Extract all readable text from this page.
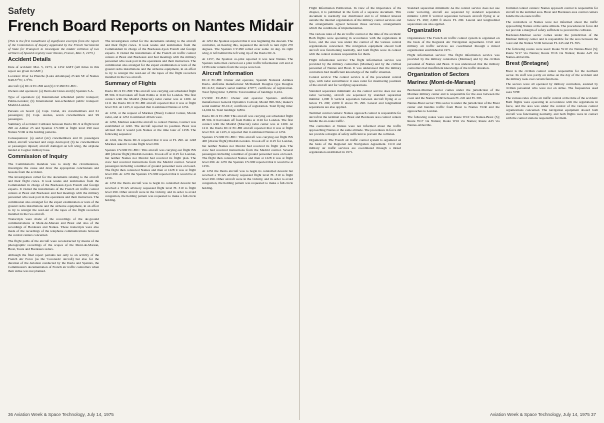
Safety
French Board Reports on Nantes Midair

(This is the first installment of significant excerpts from the report of the Commission of Inquiry appointed by the French Secretariat of State for Transport to investigate the midair collision of two airliners of Spanish registry near Nantes, France, Mar. 5, 1973.)

Accident Details

Date of accident: Mar. 5, 1973, at 1252 GMT (All times in this report are given in GMT.)

Location: Over La Planche (Loire Atlantique) 25 km SE of Nantes N48.37°N; 1.3°W.

Aircraft: (a) DC-9 EC-BII and (b) CV-990 EC-BJC.

Owners and operators: (a) Iberia Air Lines and (b) Spantax S.A.

Type of operation: (a) International scheduled public transport; Palma-London; (b) International non-scheduled public transport: Madrid-London.

Persons on board: (a) Capt. Cubel, six crewmembers and 61 passengers; (b) Capt. Arenas, seven crewmembers and 99 passengers.

Summary of accident: Collision between Iberia DC-9 at flight level 290 on Amber 25 and Spantax CV-990 at flight level 290 near Nantes VOR at the holding patterns.

Consequences: (a) aerial (sic) crewmembers and 61 passengers killed, aircraft wrecked and cargo destroyed; (b) no crewmembers or passengers injured; aircraft damaged on left wing, the airplane landed at Cognac military base.

Commission of Inquiry

The Commission's mandate was to study the circumstances, investigate the cause and draw the appropriate conclusions and lessons from the accident.

The investigation called for the documents relating to the aircraft and their flight crews. It took weeks and testimonies from the Commandant in charge of the Bordeaux-Lyon French and foreign experts. It visited the installations of the French air traffic control centers at Brest and Bordeaux and had meetings with the military personnel who took part in the operations and their instructors. The commission also arranged for the expert examination or tests of the ground radio installations and the airborne equipment, in an effort to try to retarget the read-out of the tapes of the flight recorders installed in the two aircraft.

Transcripts were made of the recordings of the air-ground communications at Mont-de-Marsan and Brest and also of the recordings of Bordeaux and Nantes. These transcripts were also made of the recordings of the telephone communications between the control centers concerned.

The flight paths of the aircraft were reconstructed by means of the photographic recordings of the scopes of the Mont-de-Marsan, Brest, Tours and Bordeaux radars.

Although the final report pertains not only to an activity of the French Air Force (as the 'Coronado' aircraft) but also for the duration of the Aviation conducted by the Iberia and Spantax, the Commission's documentation of French air traffic controllers when their strike was not planned.

The investigation called for the documents relating to the aircraft and their flight crews. It took weeks and testimonies from the Commandant in charge of the Bordeaux-Lyon French and foreign experts. It visited the installations of the French air traffic control centers at Brest and Bordeaux and had meetings with the military personnel who took part in the operations and their instructors. The commission also arranged for the expert examination or tests of the ground radio installations and the airborne equipment, in an effort to try to retarget the read-out of the tapes of the flight recorders installed in the two aircraft.

Summary of Flights

Iberia DC-9 EC-BII: This aircraft was carrying out scheduled flight IB 504. It had taken off from Palma at 1126 for London. The first contact with the Madrid (Morcón) radar center was at 1200. At 1211 the Iberia DC-9 EC-BII aircraft reported that it was at flight level 310. At 1225, it reported that it estimated Nantes at 1252.

At 1232, at the request of Marinez (Brest) Control Center, Morda radar, and at 1252 it estimated 49 km west.

At 1236, Marinez asked the aircraft to contact Nantes, Contact was established at 1240. The aircraft reported its position. Brest was advised that it would join Nantes at the time later of 1258. The following sequence:

At 1242, the Iberia DC-9 reported that it was at FL 290. At 1248 Marinez asked it to take flight level 290.

Spantax CV-990 EC-BJC: This aircraft was carrying out flight BX 400 (charter flight) Madrid-London. It took off at 1125 for London, but neither Nantes nor Merdol had received its flight plan. The crew had received instructions from the Madrid control. Several passengers including a number of ground personnel were on board. The flight then contacted Nantes and then at 1228 it was at flight level 290. At 1235 the Spantax CV-990 reported that it would be at 1256.

At 1252 the Iberia aircraft was to begin its controlled descent but received a TCAS advisory requested flight level FL 310 to flight level 290. Other aircraft were in the vicinity, and in order to avoid congestion, the holding pattern was requested to make a full-circle holding.

At 1252 the Spantax reported that it was beginning the descent. The controller, on hearing this, requested the aircraft to turn right 270 degrees. The Spantax CV-990 rolled over some 14 deg. its right wing, it left behind the left wing tip of the Iberia DC-9.

At 1257, the Spantax co-pilot reported it was near Nantes. The Spantax radio then carried out a pilot traffic information call and at 1258 radar returns from the scope were lost.

Aircraft Information

DC-9 EC-BII: Owner and operator, Spanish National Airlines Iberia. Airframe manufacturer McDonnell Douglas type Douglas DC-9-32; maker's serial number 47077; certificate of registration. Total flying time: 3,290 hr. Total number of landings: 6,224.

CV-990 EC-BJC: Owner and operator Spantax. Airframe manufacturer General Dynamics Convair, Model 990-30A; maker's serial number 30-10-2; certificate of registration. Total flying time: 14,604 hr. Total landings: 6,804.

Iberia DC-9 EC-BII: This aircraft was carrying out scheduled flight IB 504. It had taken off from Palma at 1126 for London. The first contact with the Madrid (Morcón) radar center was at 1200. At 1211 the Iberia DC-9 EC-BII aircraft reported that it was at flight level 310. At 1225, it reported that it estimated Nantes at 1252.

Spantax CV-990 EC-BJC: This aircraft was carrying out flight BX 400 (charter flight) Madrid-London. It took off at 1125 for London, but neither Nantes nor Merdol had received its flight plan. The crew had received instructions from the Madrid control. Several passengers including a number of ground personnel were on board. The flight then contacted Nantes and then at 1228 it was at flight level 290. At 1235 the Spantax CV-990 reported that it would be at 1256.

At 1252 the Iberia aircraft was to begin its controlled descent but received a TCAS advisory requested flight level FL 310 to flight level 290. Other aircraft were in the vicinity, and in order to avoid congestion, the holding pattern was requested to make a full-circle holding.

36 Aviation Week & Space Technology, July 14, 1975

Flight Information Publication. In view of the importance of the chapter, it is published in the form of a separate document. This document is normally not distributed and is of limited interest outside the internal organization of the military control services and the arrangements agreed between those services, arrangements which the conditions of implementation.

The various rules of the air traffic control at the time of the accident: Both flights were operating in accordance with the regulations in force, and the area was under the control of the various control organizations concerned. The navigation equipment aboard both aircraft was functioning normally, and both flights were in contact with the control stations responsible for them.

Flight information service: The flight information service was provided by the military controllers (Marinez) and by the civilian personnel of Nantes and Brest. It was understood that the military controllers had insufficient knowledge of the traffic situation.

Control service: The control service is of the procedural control type, with radar surveillance: it uses radar for monitoring positions of the aircraft and for verifying separations.

Standard separation minimum: As the control service does not use radar vectoring, aircraft are separated by standard separation minima: 1,000 ft vertical separation between aircraft flying at or below FL 290; 2,000 ft above FL 290. Lateral and longitudinal separations are also applied.

Terminal control centers: Nantes approach control is responsible for aircraft in the terminal area. Brest and Bordeaux area control centers handle the en-route traffic.

The controllers at Nantes were not informed about the traffic approaching Nantes at the same altitude. The procedures in force did not provide a margin of safety sufficient to prevent the collision.

Organization: The French air traffic control system is organized on the basis of the Regional Air Navigation Agreement. Civil and military air traffic services are coordinated through a mixed organization established in 1971.

Standard separation minimum: As the control service does not use radar vectoring, aircraft are separated by standard separation minima: 1,000 ft vertical separation between aircraft flying at or below FL 290; 2,000 ft above FL 290. Lateral and longitudinal separations are also applied.

Organization

Organization: The French air traffic control system is organized on the basis of the Regional Air Navigation Agreement. Civil and military air traffic services are coordinated through a mixed organization established in 1971.

Flight information service: The flight information service was provided by the military controllers (Marinez) and by the civilian personnel of Nantes and Brest. It was understood that the military controllers had insufficient knowledge of the traffic situation.

Organization of Sectors
Marinez (Mont-de-Marsan)

Bordeaux-Marinez sector comes under the jurisdiction of the Marinez military center and is responsible for the area between the coast and the Nantes VOR between FL 245 and FL 395.

Nantes-Brest sector: This sector is under the jurisdiction of the Brest center and handles traffic from Brest to Nantes VOR and the approaches to London.

The following routes were used: Route W10 via Nantes-Brest (S); Route W17 via Nantes; Route W16 via Nantes; Route A25 via Nantes-Abbeville.

Terminal control centers: Nantes approach control is responsible for aircraft in the terminal area. Brest and Bordeaux area control centers handle the en-route traffic.

The controllers at Nantes were not informed about the traffic approaching Nantes at the same altitude. The procedures in force did not provide a margin of safety sufficient to prevent the collision.

Bordeaux-Marinez sector comes under the jurisdiction of the Marinez military center and is responsible for the area between the coast and the Nantes VOR between FL 245 and FL 395.

The following routes were used: Route W10 via Nantes-Brest (S); Route W17 via Nantes; Route W16 via Nantes; Route A25 via Nantes-Abbeville.

Brest (Bretagne)

Brest is the civilian control center responsible for the northern sector. Its staff was partly on strike on the day of the accident and the military took over certain functions.

The sectors were all operated by military controllers, assisted by civilian personnel who were not on strike. The frequencies used were VHF.

The various rules of the air traffic control at the time of the accident: Both flights were operating in accordance with the regulations in force, and the area was under the control of the various control organizations concerned. The navigation equipment aboard both aircraft was functioning normally, and both flights were in contact with the control stations responsible for them.

Aviation Week & Space Technology, July 14, 1975 37
